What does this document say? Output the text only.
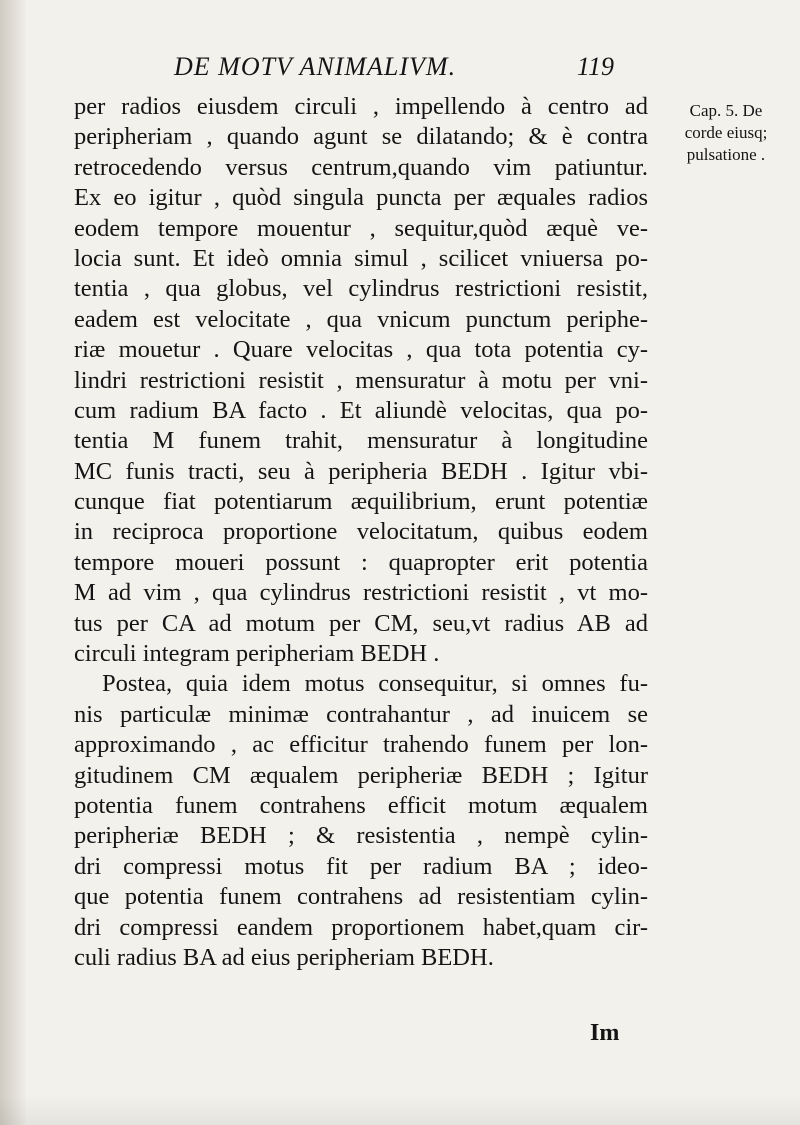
DE MOTV ANIMALIVM.	119
Cap. 5. De
corde eiusq;
pulsatione .
per radios eiusdem circuli , impellendo à centro ad
peripheriam , quando agunt se dilatando; & è contra
retrocedendo versus centrum,quando vim patiuntur.
Ex eo igitur , quòd singula puncta per æquales radios
eodem tempore mouentur , sequitur,quòd æquè ve-
locia sunt. Et ideò omnia simul , scilicet vniuersa po-
tentia , qua globus, vel cylindrus restrictioni resistit,
eadem est velocitate , qua vnicum punctum periphe-
riæ mouetur . Quare velocitas , qua tota potentia cy-
lindri restrictioni resistit , mensuratur à motu per vni-
cum radium BA facto . Et aliundè velocitas, qua po-
tentia M funem trahit, mensuratur à longitudine
MC funis tracti, seu à peripheria BEDH . Igitur vbi-
cunque fiat potentiarum æquilibrium, erunt potentiæ
in reciproca proportione velocitatum, quibus eodem
tempore moueri possunt : quapropter erit potentia
M ad vim , qua cylindrus restrictioni resistit , vt mo-
tus per CA ad motum per CM, seu,vt radius AB ad
circuli integram peripheriam BEDH .
Postea, quia idem motus consequitur, si omnes fu-
nis particulæ minimæ contrahantur , ad inuicem se
approximando , ac efficitur trahendo funem per lon-
gitudinem CM æqualem peripheriæ BEDH ; Igitur
potentia funem contrahens efficit motum æqualem
peripheriæ BEDH ; & resistentia , nempè cylin-
dri compressi motus fit per radium BA ; ideo-
que potentia funem contrahens ad resistentiam cylin-
dri compressi eandem proportionem habet,quam cir-
culi radius BA ad eius peripheriam BEDH.
Im
